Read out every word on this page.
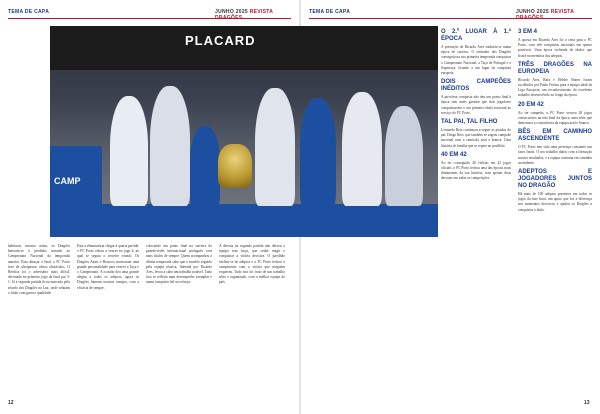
TEMA DE CAPA	JUNHO 2025 REVISTA

habituais, mesmo assim, os Dragões bateram-se à perdidos somado ao Campeonato Nacional da temporada anterior. Para abraçar o final, o FC Porto teve de ultrapassar vários obstáculos. O Benfica foi o adversário mais difícil, derrotado no primeiro jogo da final por 3-1. Já a segunda partida ficou marcada pelo triunfo dos Dragões na Luz, onde selaram o título com garra e qualidade.

Para a eliminatória chegar à quarta partida, o FC Porto voltou a vencer no jogo 4, ao qual se seguiu o terceiro triunfo. Os Dragões Azuis e Brancos mostraram uma grande personalidade para vencer a Taça e o Campeonato. A ocasião deu uma grande alegria a todos os adeptos, agora os Dragões lutaram noutros campos, com a eficácia de sempre.

colocando um ponto final na carreira do guarda-redes internacional português com mais títulos de sempre. Quem acompanhou a última temporada sabe que o modelo seguido pela equipa técnica, liderada por Ricardo Ares, levou a cabo um trabalho notável. Tudo isso se refletiu num desempenho exemplar e numa conquista fiel ao esforço.

A derrota na segunda partida não deixou a equipa sem força, que soube reagir e conquistar a vitória decisiva. O pavilhão encheu-se de adeptos e o FC Porto fechou o campeonato com a vitória que ninguém esqueceu. Tudo isto foi fruto de um trabalho sério e organizado, com a melhor equipa do país.

12
TEMA DE CAPA	JUNHO 2025 REVISTA
O 2.º LUGAR À 1.ª ÉPOCA

A prestação de Ricardo Ares traduziu-se numa época de sucesso. O treinador dos Dragões conseguiu na sua primeira temporada conquistar o Campeonato Nacional, a Taça de Portugal e a Supertaça, ficando a um lugar da conquista europeia.

DOIS CAMPEÕES INÉDITOS

A pirosfera conquista não deu um ponto final à época sem antes garantir que dois jogadores conquistassem o seu primeiro título nacional ao serviço do FC Porto.

TAL PAI, TAL FILHO

Leonardo Reis continuou a seguir as pisadas do pai, Diogo Reis, que também se sagrou campeão nacional com a camisola azul e branca. Uma história de família que se repete no pavilhão.

40 EM 42

Ao ter conseguido 40 vitórias em 42 jogos oficiais, o FC Porto fechou uma das épocas mais dominantes da sua história, com apenas duas derrotas em todas as competições.

3 EM 4

A aposta em Ricardo Ares foi a certa para o FC Porto, com três conquistas nacionais em quatro possíveis. Uma época recheada de títulos que ficará na memória dos adeptos.

TRÊS DRAGÕES NA EUROPEIA

Ricardo Ares, Rafa e Helder Nunes foram escolhidos por Paulo Freitas para a equipa ideal da Liga Europeia, um reconhecimento do excelente trabalho desenvolvido ao longo da época.

20 EM 42

Ao ser campeão, o FC Porto venceu 20 jogos consecutivos na reta final da época, uma série que demonstra a consistência da equipa azul e branca.

BÊS EM CAMINHO ASCENDENTE

O FC Porto tem sido uma presença constante nas fases finais. O seu trabalho diário com a formação mostra resultados, e a equipa continua em caminho ascendente.

ADEPTOS E JOGADORES JUNTOS NO DRAGÃO

Há mais de 100 adeptos presentes em todos os jogos da fase final, um apoio que fez a diferença nos momentos decisivos e ajudou os Dragões a conquistar o título.

13
PLACARD
CAMP
